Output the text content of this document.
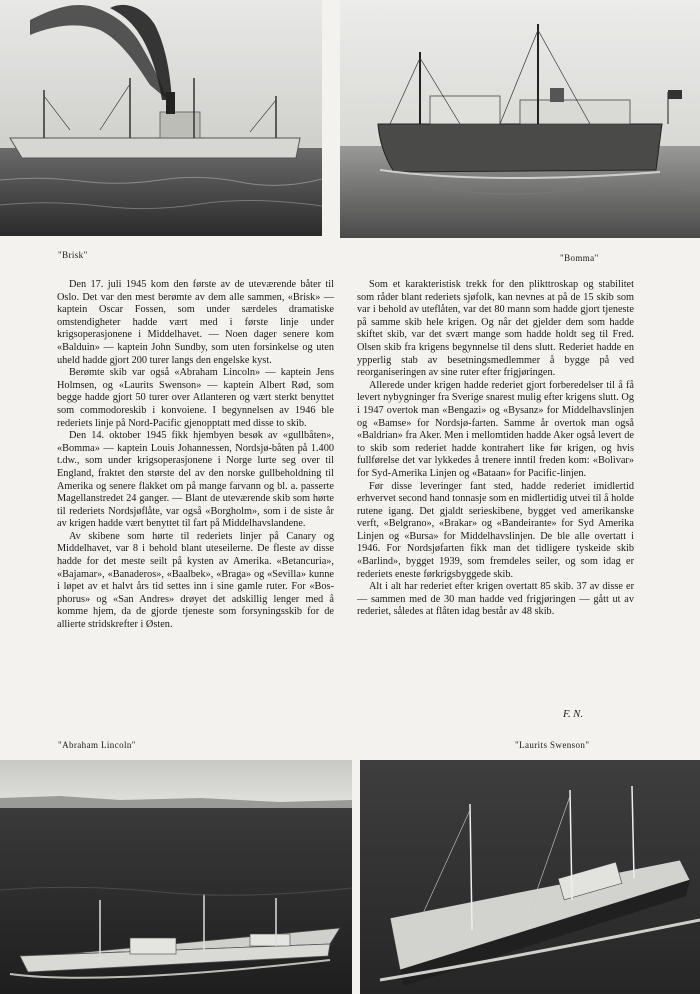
"Brisk"	"Bomma"

Den 17. juli 1945 kom den første av de uteværende båter til Oslo. Det var den mest berømte av dem alle sammen, «Brisk» — kaptein Oscar Fossen, som under særdeles dramatiske omstendigheter hadde vært med i første linje under krigsoperasjonene i Middelhavet. — Noen dager senere kom «Balduin» — kaptein John Sundby, som uten forsinkelse og uten uheld hadde gjort 200 turer langs den engelske kyst.

Berømte skib var også «Abraham Lincoln» — kaptein Jens Holmsen, og «Laurits Swenson» — kaptein Albert Rød, som begge hadde gjort 50 turer over Atlanteren og vært sterkt benyttet som commodoreskib i konvoiene. I begynnelsen av 1946 ble rederiets linje på Nord-Pacific gjenopptatt med disse to skib.

Den 14. oktober 1945 fikk hjembyen besøk av «gullbåten», «Bomma» — kaptein Louis Johannessen, Nordsjø-båten på 1.400 t.dw., som under krigsoperasjonene i Norge lurte seg over til England, fraktet den største del av den norske gullbeholdning til Amerika og senere flakket om på mange farvann og bl. a. passerte Magellanstredet 24 ganger. — Blant de uteværende skib som hørte til rederiets Nordsjøflåte, var også «Borgholm», som i de siste år av krigen hadde vært benyttet til fart på Middelhavslandene.

Av skibene som hørte til rederiets linjer på Canary og Middelhavet, var 8 i behold blant uteseilerne. De fleste av disse hadde for det meste seilt på kysten av Amerika. «Betancuria», «Bajamar», «Banaderos», «Baalbek», «Braga» og «Sevilla» kunne i løpet av et halvt års tid settes inn i sine gamle ruter. For «Bosphorus» og «San Andres» drøyet det adskillig lenger med å komme hjem, da de gjorde tjeneste som forsyningsskib for de allierte stridskrefter i Østen.

Som et karakteristisk trekk for den plikttroskap og stabilitet som råder blant rederiets sjøfolk, kan nevnes at på de 15 skib som var i behold av uteflåten, var det 80 mann som hadde gjort tjeneste på samme skib hele krigen. Og når det gjelder dem som hadde skiftet skib, var det svært mange som hadde holdt seg til Fred. Olsen skib fra krigens begynnelse til dens slutt. Rederiet hadde en ypperlig stab av besetningsmedlemmer å bygge på ved reorganiseringen av sine ruter efter frigjøringen.

Allerede under krigen hadde rederiet gjort forberedelser til å få levert nybygninger fra Sverige snarest mulig efter krigens slutt. Og i 1947 overtok man «Bengazi» og «Bysanz» for Middelhavslinjen og «Bamse» for Nordsjø-farten. Samme år overtok man også «Baldrian» fra Aker. Men i mellomtiden hadde Aker også levert de to skib som rederiet hadde kontrahert like før krigen, og hvis fullførelse det var lykkedes å trenere inntil freden kom: «Bolivar» for Syd-Amerika Linjen og «Bataan» for Pacific-linjen.

Før disse leveringer fant sted, hadde rederiet imidlertid erhvervet second hand tonnasje som en midlertidig utvei til å holde rutene igang. Det gjaldt serieskibene, bygget ved amerikanske verft, «Belgrano», «Brakar» og «Bandeirante» for Syd Amerika Linjen og «Bursa» for Middelhavslinjen. De ble alle overtatt i 1946. For Nordsjøfarten fikk man det tidligere tyskeide skib «Barlind», bygget 1939, som fremdeles seiler, og som idag er rederiets eneste førkrigsbyggede skib.

Alt i alt har rederiet efter krigen overtatt 85 skib. 37 av disse er — sammen med de 30 man hadde ved frigjøringen — gått ut av rederiet, således at flåten idag består av 48 skib.

F. N.
"Abraham Lincoln"	"Laurits Swenson"
